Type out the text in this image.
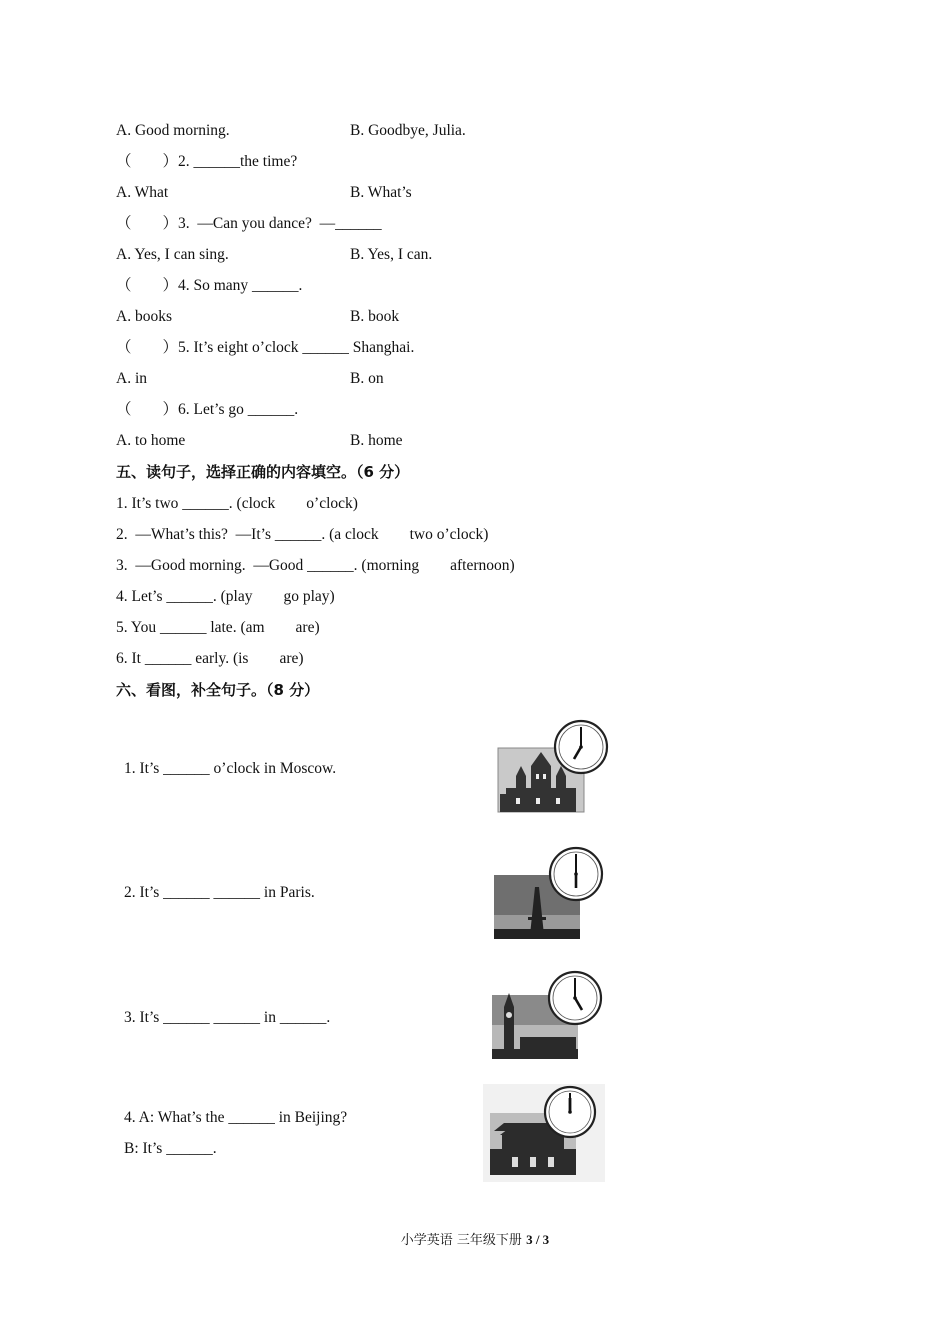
A. Good morning.	B. Goodbye, Julia.
（        ）2. ______the time?
A. What	B. What’s
（        ）3.  —Can you dance?  —______
A. Yes, I can sing.	B. Yes, I can.
（        ）4. So many ______.
A. books	B. book
（        ）5. It’s eight o’clock ______ Shanghai.
A. in	B. on
（        ）6. Let’s go ______.
A. to home	B. home
五、读句子，选择正确的内容填空。（6 分）
1. It’s two ______. (clock        o’clock)
2.  —What’s this?  —It’s ______. (a clock        two o’clock)
3.  —Good morning.  —Good ______. (morning        afternoon)
4. Let’s ______. (play        go play)
5. You ______ late. (am        are)
6. It ______ early. (is        are)
六、看图，补全句子。（8 分）
1. It’s ______ o’clock in Moscow.
2. It’s ______ ______ in Paris.
3. It’s ______ ______ in ______.
4. A: What’s the ______ in Beijing?
B: It’s ______.
小学英语 三年级下册 3 / 3
